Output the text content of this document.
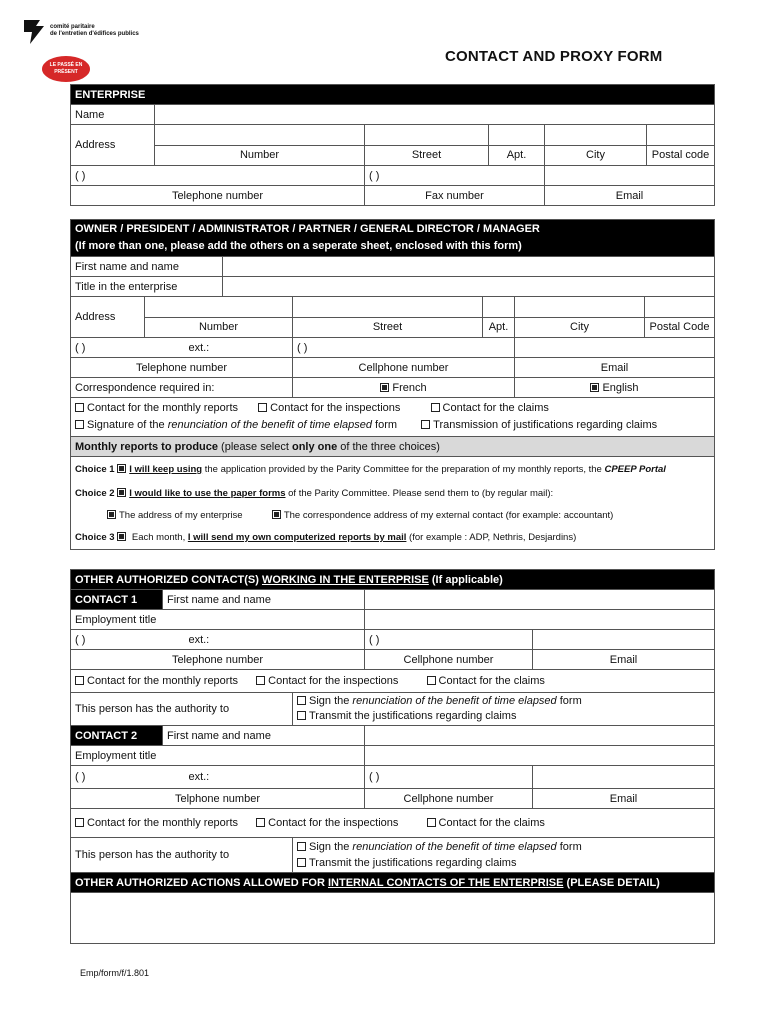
comité paritaire
de l'entretien d'édifices publics
LE PASSÉ EN PRÉSENT
CONTACT AND PROXY FORM
ENTERPRISE					
Name					
Address					
	Number	Street	Apt.	City	Postal code
( )		( )			
Telephone number		Fax number		Email	
OWNER / PRESIDENT / ADMINISTRATOR / PARTNER / GENERAL DIRECTOR / MANAGER
(If more than one, please add the others on a seperate sheet, enclosed with this form)						

First name and name						
Title in the enterprise						
Address						
	Number		Street	Apt.	City	Postal Code
( ) ext.:			( )			
Telephone number			Cellphone number		Email	
Correspondence required in:			French		English	

Contact for the monthly reports Contact for the inspections Contact for the claims
Signature of the renunciation of the benefit of time elapsed form Transmission of justifications regarding claims						

Monthly reports to produce (please select only one of the three choices)						

Choice 1 I will keep using the application provided by the Parity Committee for the preparation of my monthly reports, the CPEEP Portal
Choice 2 I would like to use the paper forms of the Parity Committee. Please send them to (by regular mail):
The address of my enterprise The correspondence address of my external contact (for example: accountant)
Choice 3  Each month, I will send my own computerized reports by mail (for example : ADP, Nethris, Desjardins)						
OTHER AUTHORIZED CONTACT(S) WORKING IN THE ENTERPRISE (If applicable)				
CONTACT 1	First name and name			
Employment title				
( ) ext.:			( )	
Telephone number			Cellphone number	Email
Contact for the monthly reports Contact for the inspections Contact for the claims				
This person has the authority to		Sign the renunciation of the benefit of time elapsed form
Transmit the justifications regarding claims		

CONTACT 2	First name and name			
Employment title				
( ) ext.:			( )	
Telphone number			Cellphone number	Email
Contact for the monthly reports Contact for the inspections Contact for the claims				
This person has the authority to		Sign the renunciation of the benefit of time elapsed form
Transmit the justifications regarding claims		

OTHER AUTHORIZED ACTIONS ALLOWED FOR INTERNAL CONTACTS OF THE ENTERPRISE (PLEASE DETAIL)				

Emp/form/f/1.801
